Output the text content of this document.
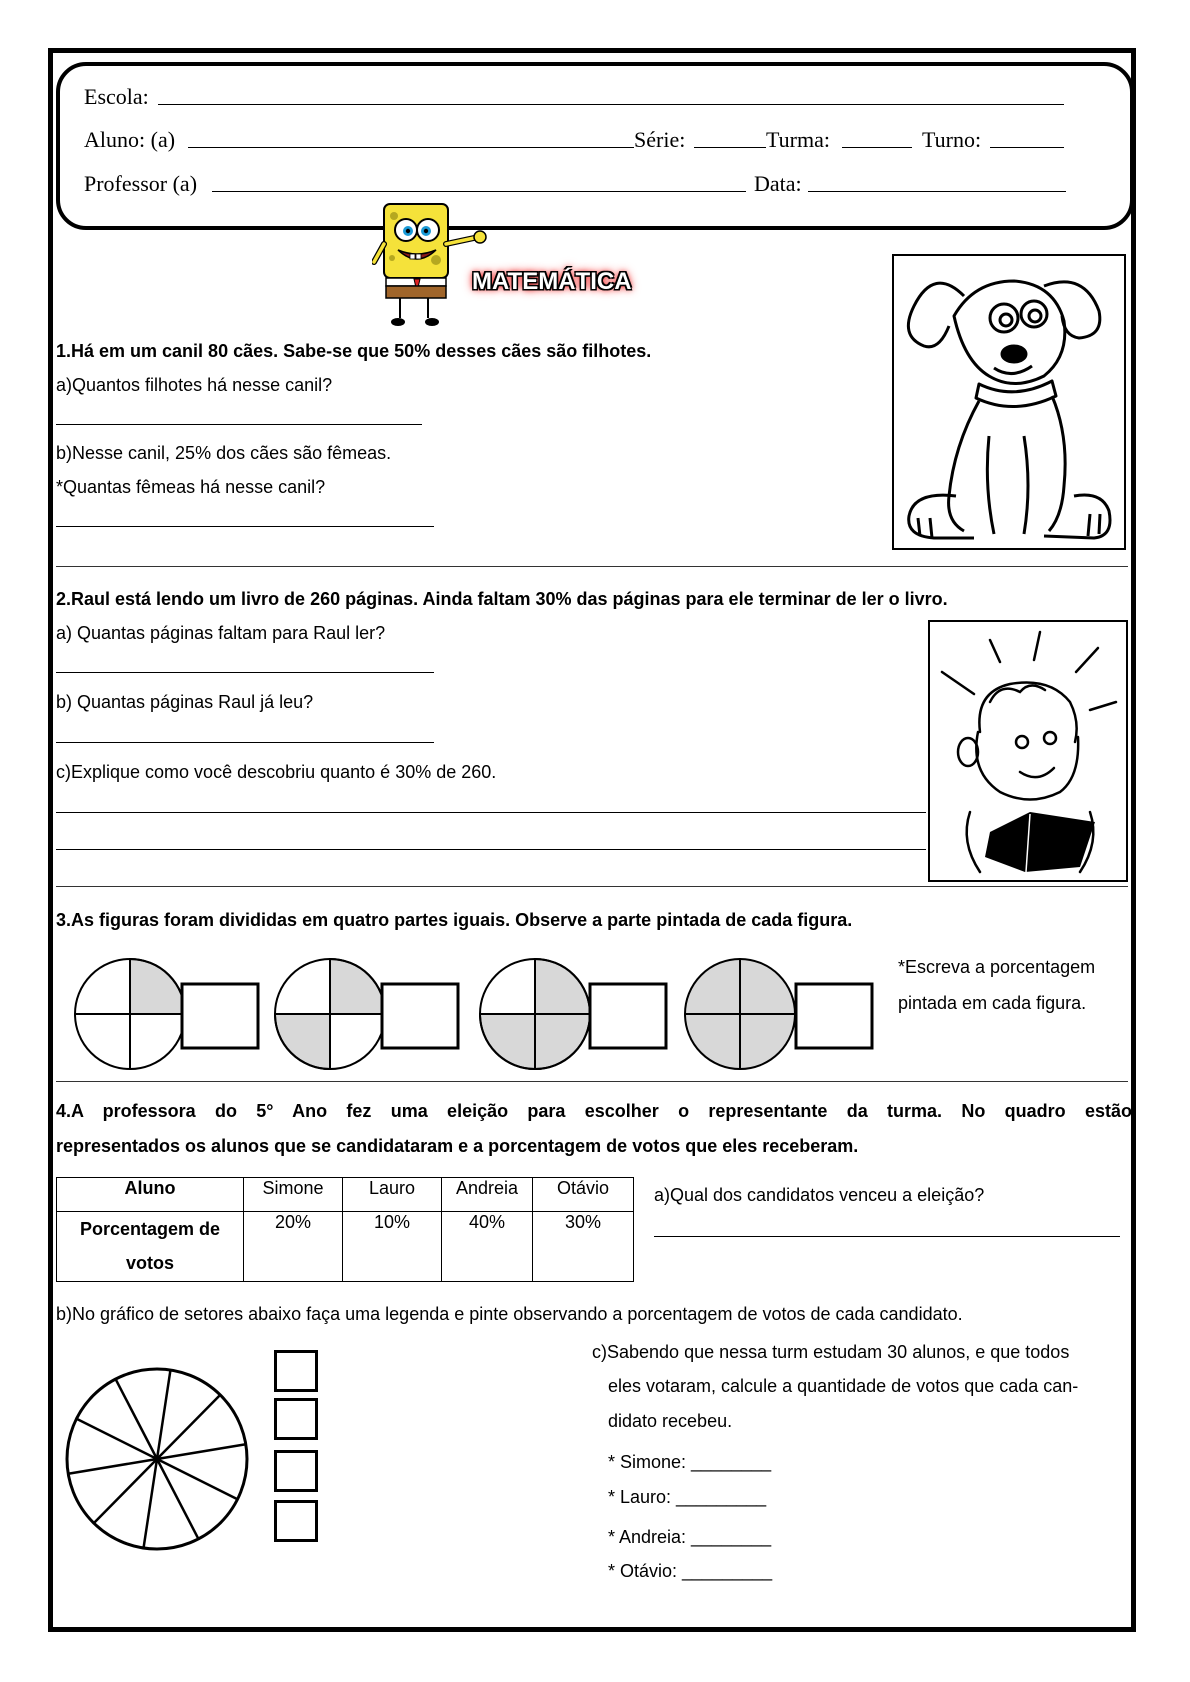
Escola:
Aluno: (a)	Série:	Turma:	Turno:
Professor (a)	Data:
MATEMÁTICA
1.Há em um canil 80 cães. Sabe-se que 50% desses cães são filhotes.
a)Quantos filhotes há nesse canil?
b)Nesse canil, 25% dos cães são fêmeas.
*Quantas fêmeas há nesse canil?
2.Raul está lendo um livro de 260 páginas. Ainda faltam 30% das páginas para ele terminar de ler o livro.
a) Quantas páginas faltam para Raul ler?
b) Quantas páginas Raul já leu?
c)Explique como você descobriu quanto é 30% de 260.
3.As figuras foram divididas em quatro partes iguais. Observe a parte pintada de cada figura.
*Escreva a porcentagem
pintada em cada figura.
4.A professora do 5° Ano fez uma eleição para escolher o representante da turma. No quadro estão
representados os alunos que se candidataram e a porcentagem de votos que eles receberam.
Aluno	Simone	Lauro	Andreia	Otávio
Porcentagem de
votos	20%	10%	40%	30%
a)Qual dos candidatos venceu a eleição?
b)No gráfico de setores abaixo faça uma legenda e pinte observando a porcentagem de votos de cada candidato.
c)Sabendo que nessa turm estudam 30 alunos, e que todos
eles votaram, calcule a quantidade de votos que cada can-
didato recebeu.
* Simone: ________
* Lauro: _________
* Andreia: ________
* Otávio: _________
